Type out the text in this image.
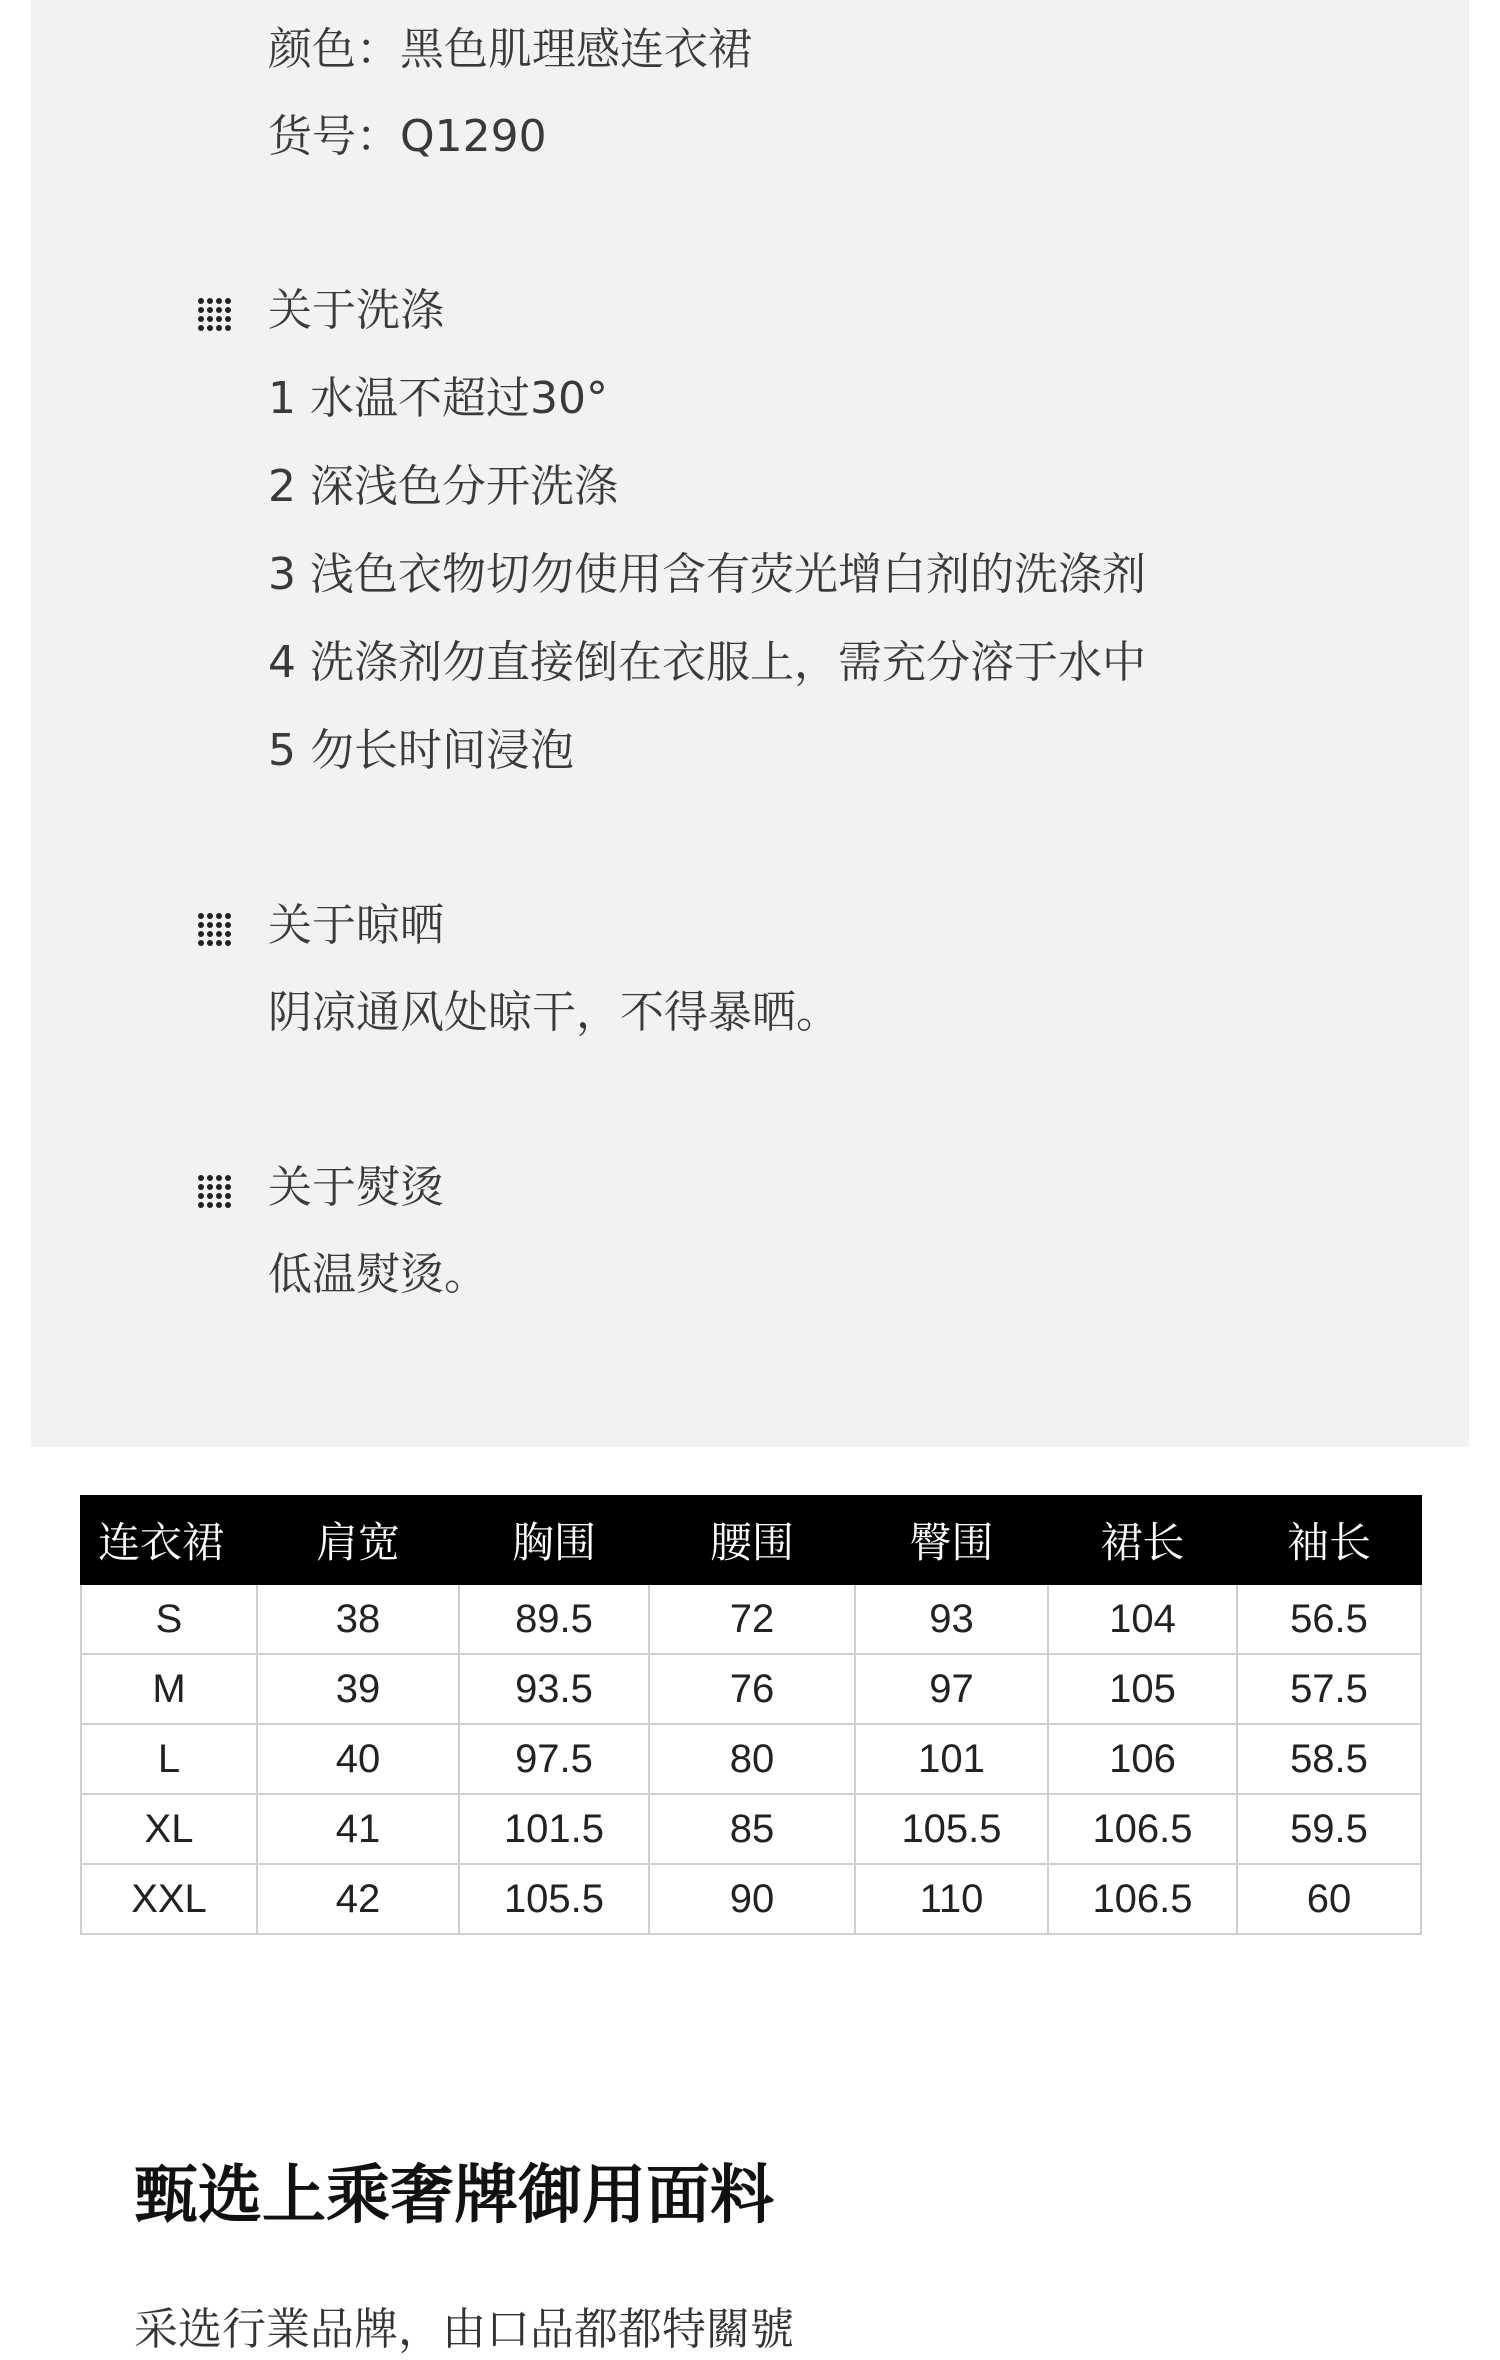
颜色：黑色肌理感连衣裙
货号：Q1290
关于洗涤
1 水温不超过30°
2 深浅色分开洗涤
3 浅色衣物切勿使用含有荧光增白剂的洗涤剂
4 洗涤剂勿直接倒在衣服上，需充分溶于水中
5 勿长时间浸泡
关于晾晒
阴凉通风处晾干，不得暴晒。
关于熨烫
低温熨烫。
连衣裙	肩宽	胸围	腰围	臀围	裙长	袖长
S	38	89.5	72	93	104	56.5
M	39	93.5	76	97	105	57.5
L	40	97.5	80	101	106	58.5
XL	41	101.5	85	105.5	106.5	59.5
XXL	42	105.5	90	110	106.5	60
甄选上乘奢牌御用面料
采选行業品牌，由口品都都特關號
